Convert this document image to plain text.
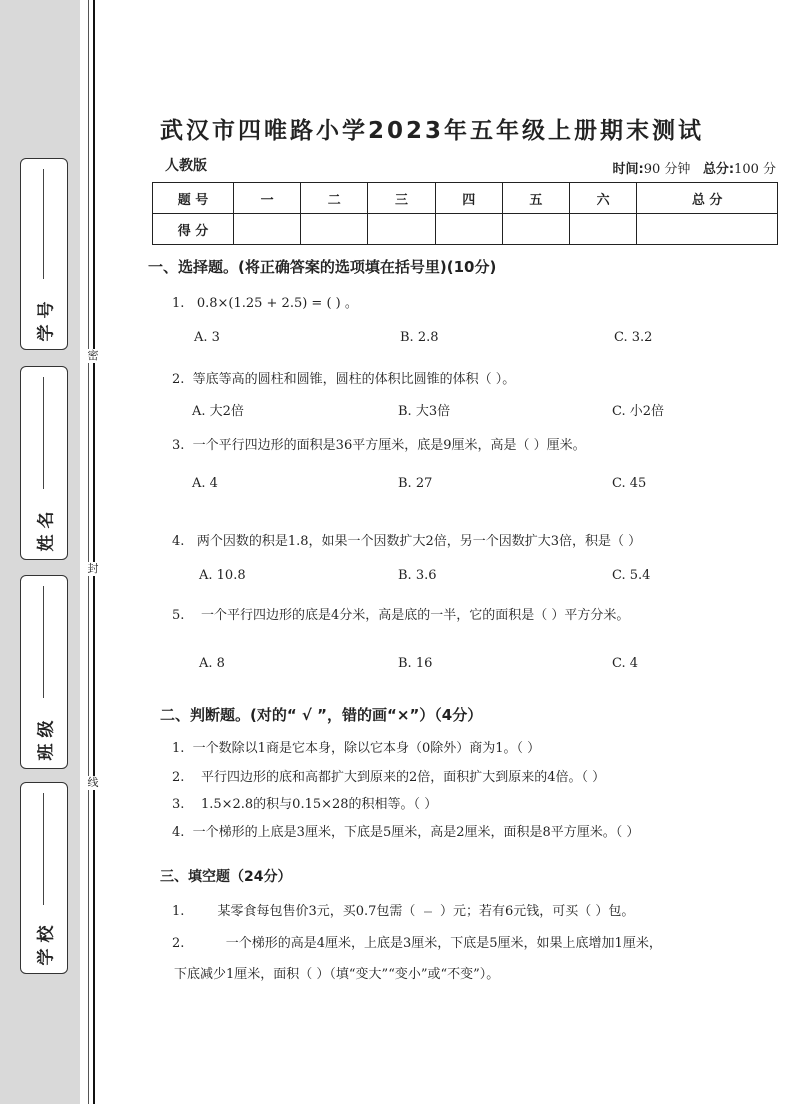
学 号
姓 名
班 级
学 校
密
封
线
武汉市四唯路小学2023年五年级上册期末测试
人教版	时间:90 分钟 总分:100 分
题 号	一	二	三	四	五	六	总 分
得 分							
一、选择题。(将正确答案的选项填在括号里)(10分)
1. 0.8×(1.25 + 2.5) = ( ) 。
A. 3	B. 2.8	C. 3.2
2. 等底等高的圆柱和圆锥，圆柱的体积比圆锥的体积（ ）。
A. 大2倍	B. 大3倍	C. 小2倍
3. 一个平行四边形的面积是36平方厘米，底是9厘米，高是（ ）厘米。
A. 4	B. 27	C. 45
4. 两个因数的积是1.8，如果一个因数扩大2倍，另一个因数扩大3倍，积是（ ）
A. 10.8	B. 3.6	C. 5.4
5. 一个平行四边形的底是4分米，高是底的一半，它的面积是（ ）平方分米。
A. 8	B. 16	C. 4
二、判断题。(对的“ √ ”，错的画“×”）（4分）
1. 一个数除以1商是它本身，除以它本身（0除外）商为1。（ ）
2. 平行四边形的底和高都扩大到原来的2倍，面积扩大到原来的4倍。（ ）
3. 1.5×2.8的积与0.15×28的积相等。（ ）
4. 一个梯形的上底是3厘米，下底是5厘米，高是2厘米，面积是8平方厘米。（ ）
三、填空题（24分）
1.	某零食每包售价3元，买0.7包需（ ）元；若有6元钱，可买（ ）包。
2.	一个梯形的高是4厘米，上底是3厘米，下底是5厘米，如果上底增加1厘米，
下底减少1厘米，面积（ ）（填“变大”“变小”或“不变”）。
